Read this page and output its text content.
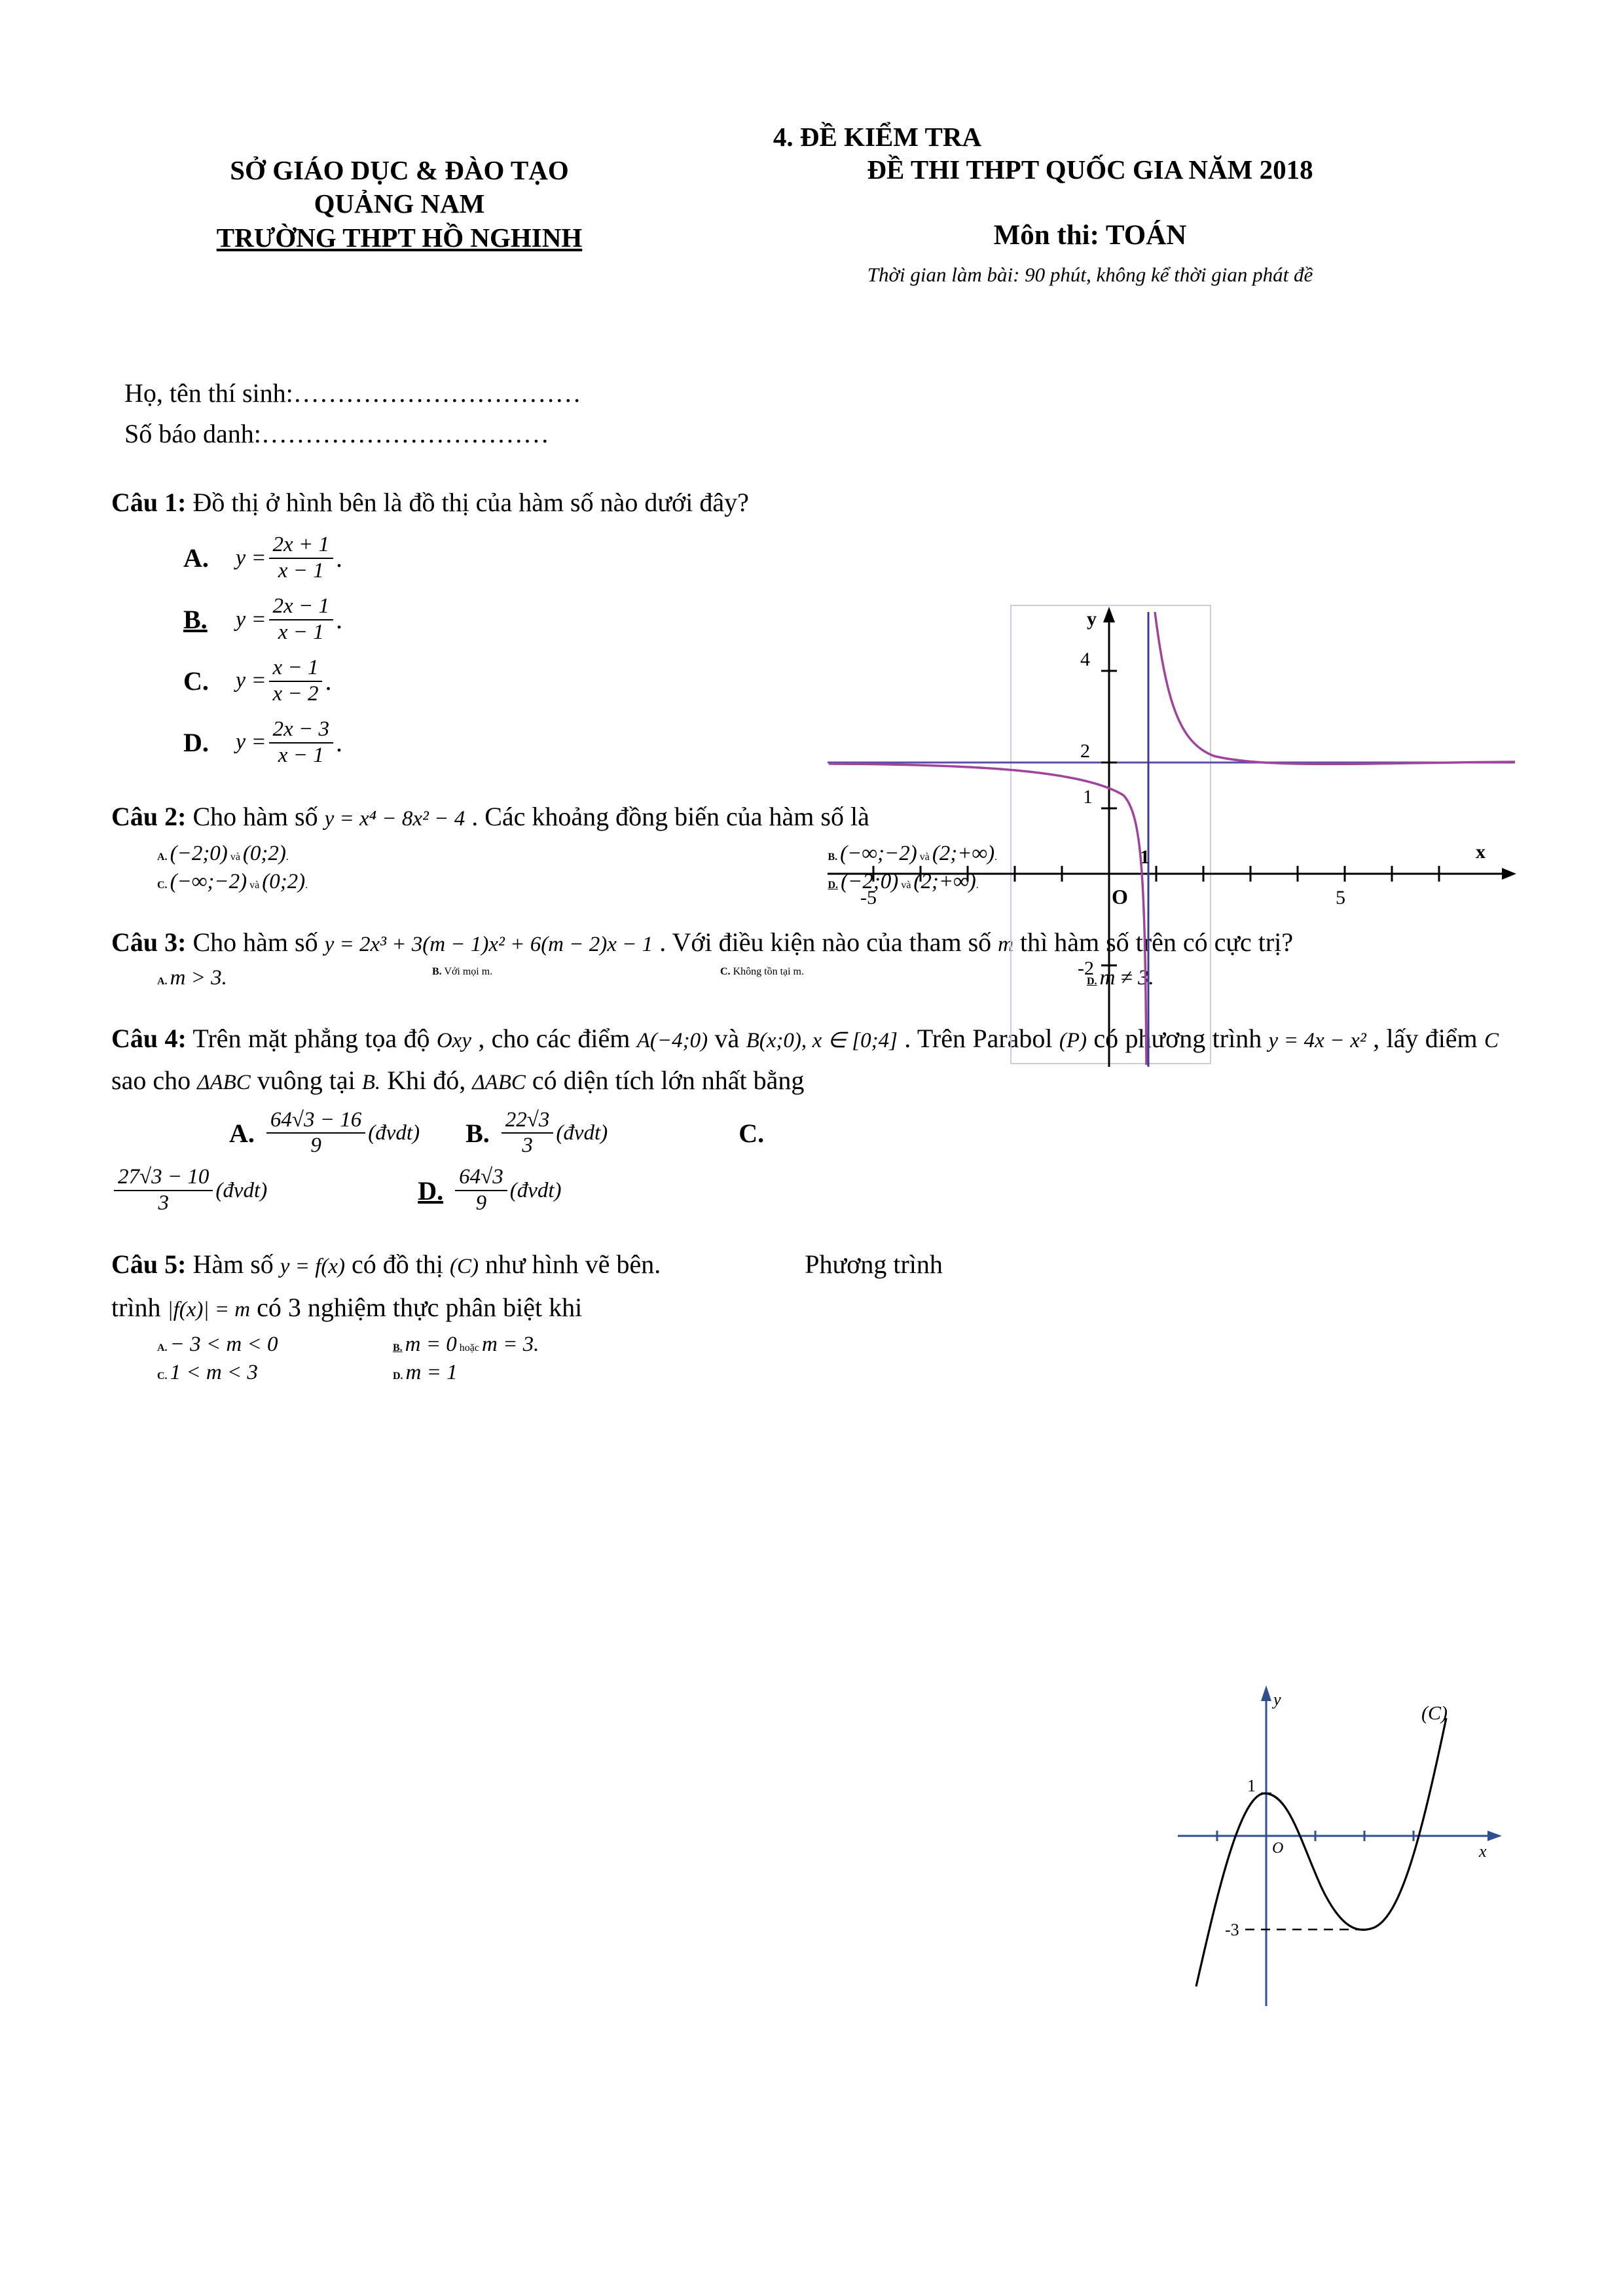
4. ĐỀ KIỂM TRA
SỞ GIÁO DỤC & ĐÀO TẠO
QUẢNG NAM
TRƯỜNG THPT HỒ NGHINH
ĐỀ THI THPT QUỐC GIA NĂM 2018
Môn thi: TOÁN
Thời gian làm bài: 90 phút, không kể thời gian phát đề
Họ, tên thí sinh:……………………………
Số báo danh:……………………………
4
2
1
-2
-5	5
1
O
x
y
Câu 1: Đồ thị ở hình bên là đồ thị của hàm số nào dưới đây?
A.	$y = \frac{2x + 1}{x - 1}$ .
B.	$y = \frac{2x - 1}{x - 1}$ .
C.	$y = \frac{x - 1}{x - 2}$ .
D.	$y = \frac{2x - 3}{x - 1}$ .
Câu 2: Cho hàm số y = x⁴ − 8x² − 4 . Các khoảng đồng biến của hàm số là
A. (−2;0) và (0;2).	B. (−∞;−2) và (2;+∞).
C. (−∞;−2) và (0;2).	D. (−2;0) và (2;+∞).
Câu 3: Cho hàm số y = 2x³ + 3(m − 1)x² + 6(m − 2)x − 1 . Với điều kiện nào của tham số m thì hàm số trên có cực trị?
A. m > 3.	B. Với mọi m.	C. Không tồn tại m.
D. m ≠ 3.
Câu 4: Trên mặt phẳng tọa độ Oxy , cho các điểm A(−4;0) và B(x;0), x ∈ [0;4] . Trên Parabol (P) có phương trình y = 4x − x² , lấy điểm C sao cho ΔABC vuông tại B. Khi đó, ΔABC có diện tích lớn nhất bằng
A. $\frac{64√3 - 16}{9}$ (đvdt) B. $\frac{22√3}{3}$ (đvdt)	C.
$\frac{27√3 - 10}{3}$ (đvdt)	D. $\frac{64√3}{9}$ (đvdt)
1
-3
O	x
y
(C)
Câu 5: Hàm số y = f(x) có đồ thị (C) như hình vẽ bên.	Phương trình
trình |f(x)| = m có 3 nghiệm thực phân biệt khi
A. − 3 < m < 0	B. m = 0 hoặc m = 3.
C. 1 < m < 3	D. m = 1
